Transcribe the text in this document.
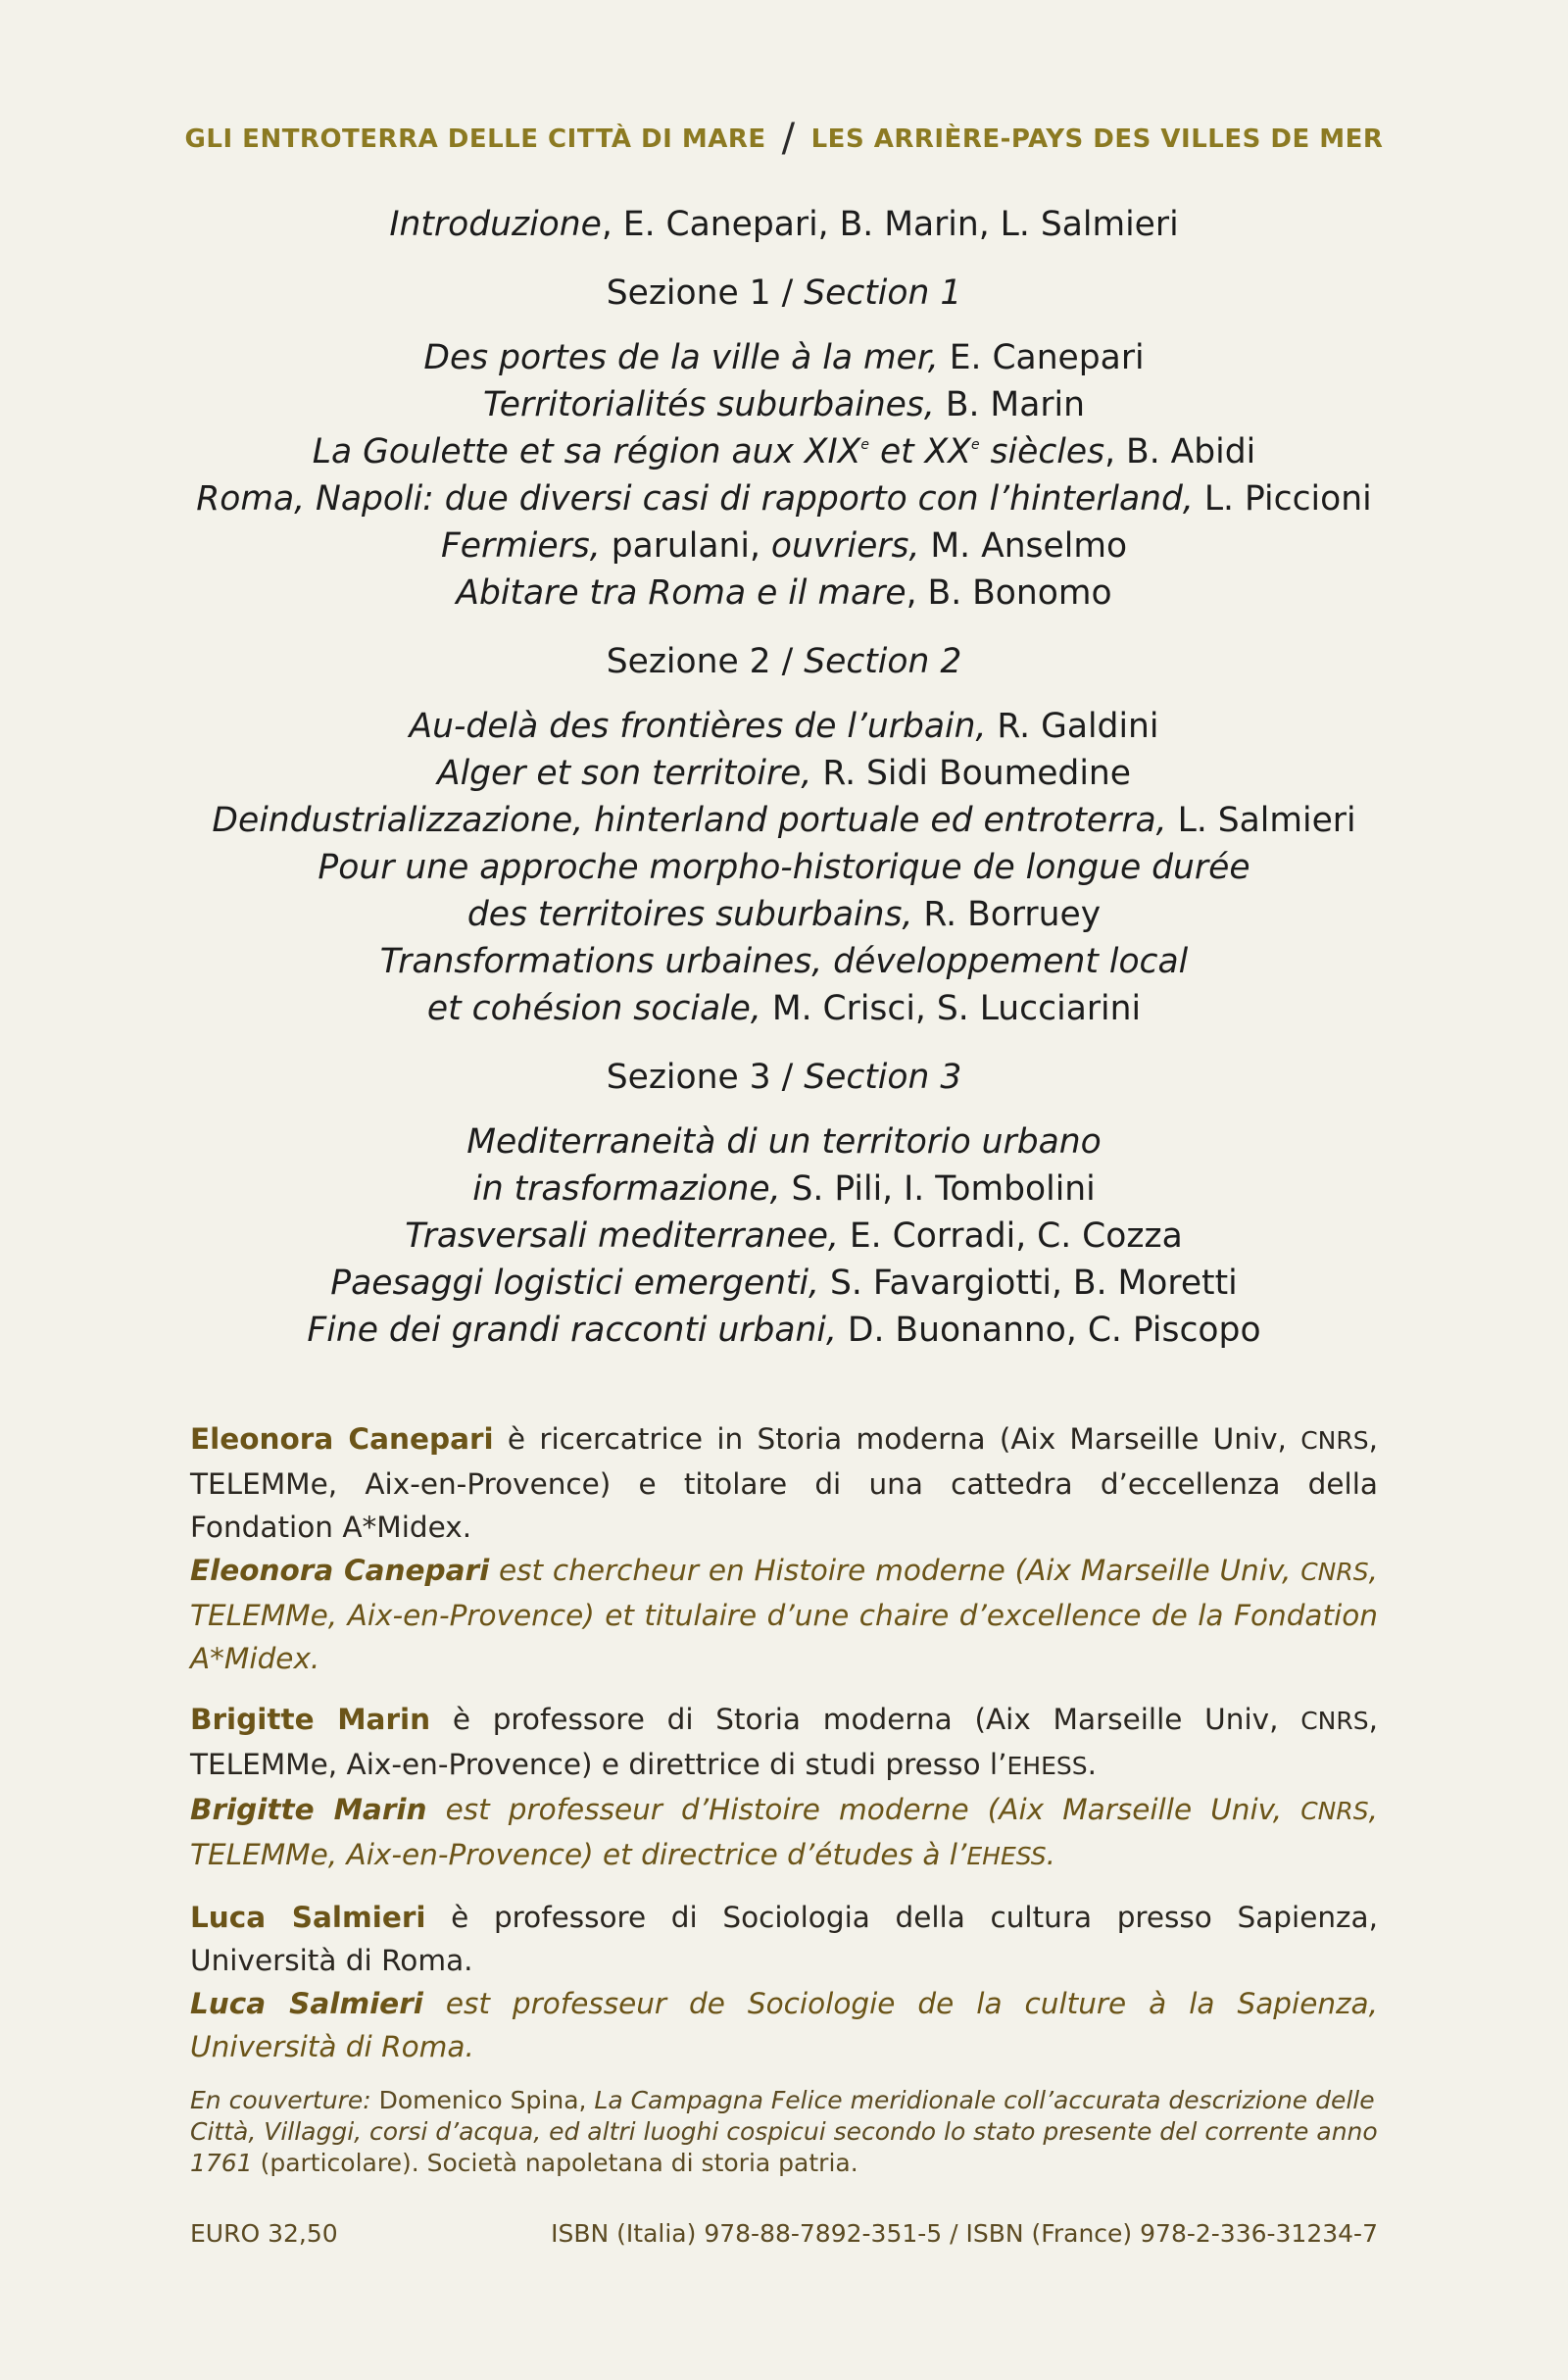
GLI ENTROTERRA DELLE CITTÀ DI MARE / LES ARRIÈRE-PAYS DES VILLES DE MER
Introduzione, E. Canepari, B. Marin, L. Salmieri
Sezione 1 / Section 1
Des portes de la ville à la mer, E. Canepari
Territorialités suburbaines, B. Marin
La Goulette et sa région aux XIXe et XXe siècles, B. Abidi
Roma, Napoli: due diversi casi di rapporto con l’hinterland, L. Piccioni
Fermiers, parulani, ouvriers, M. Anselmo
Abitare tra Roma e il mare, B. Bonomo
Sezione 2 / Section 2
Au-delà des frontières de l’urbain, R. Galdini
Alger et son territoire, R. Sidi Boumedine
Deindustrializzazione, hinterland portuale ed entroterra, L. Salmieri
Pour une approche morpho-historique de longue durée
des territoires suburbains, R. Borruey
Transformations urbaines, développement local
et cohésion sociale, M. Crisci, S. Lucciarini
Sezione 3 / Section 3
Mediterraneità di un territorio urbano
in trasformazione, S. Pili, I. Tombolini
Trasversali mediterranee, E. Corradi, C. Cozza
Paesaggi logistici emergenti, S. Favargiotti, B. Moretti
Fine dei grandi racconti urbani, D. Buonanno, C. Piscopo

Eleonora Canepari è ricercatrice in Storia moderna (Aix Marseille Univ, CNRS, TELEMMe, Aix-en-Provence) e titolare di una cattedra d’eccellenza della Fondation A*Midex.

Eleonora Canepari est chercheur en Histoire moderne (Aix Marseille Univ, CNRS, TELEMMe, Aix-en-Provence) et titulaire d’une chaire d’excellence de la Fondation A*Midex.

Brigitte Marin è professore di Storia moderna (Aix Marseille Univ, CNRS, TELEMMe, Aix-en-Provence) e direttrice di studi presso l’EHESS.

Brigitte Marin est professeur d’Histoire moderne (Aix Marseille Univ, CNRS, TELEMMe, Aix-en-Provence) et directrice d’études à l’EHESS.

Luca Salmieri è professore di Sociologia della cultura presso Sapienza, Università di Roma.

Luca Salmieri est professeur de Sociologie de la culture à la Sapienza, Università di Roma.

En couverture: Domenico Spina, La Campagna Felice meridionale coll’accurata descrizione delle Città, Villaggi, corsi d’acqua, ed altri luoghi cospicui secondo lo stato presente del corrente anno 1761 (particolare). Società napoletana di storia patria.
EURO 32,50	ISBN (Italia) 978-88-7892-351-5 / ISBN (France) 978-2-336-31234-7
